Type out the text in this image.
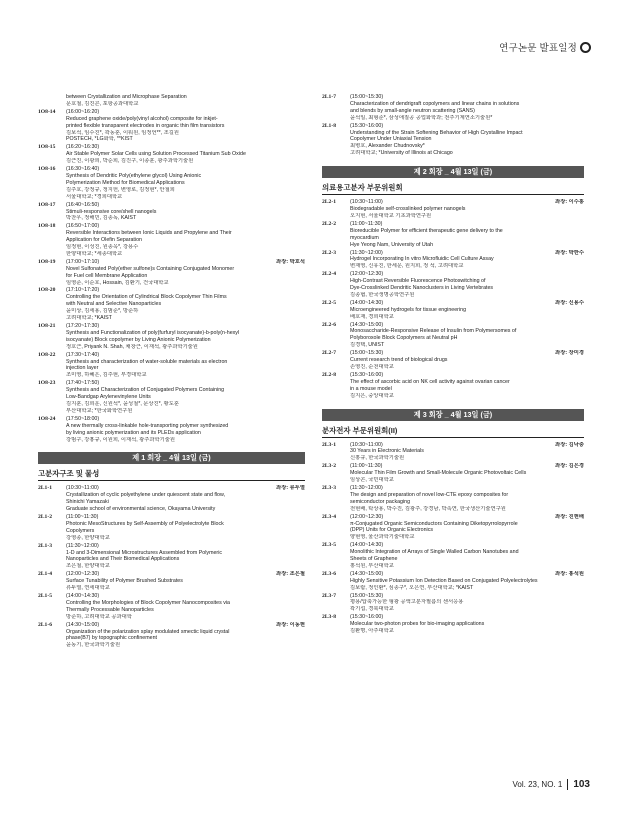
연구논문 발표일정
between Crystallization and Microphase Separation
문호철, 김진곤, 포항공과대학교
1O8-14	(16:00~16:20)
Reduced graphene oxide/poly(vinyl alcohol) composite for inkjet-
printed flexible transparent electrodes in organic thin film transistors
김보석, 임수진*, 곽동훈, 이워원, 임정언**, 조길원
POSTECH, *LG화학, **KIST
1O8-15	(16:20~16:30)
Air Stable Polymer Solar Cells using Solution Processed Titanium Sub Oxide
김근진, 이광희, 박순희, 김진구, 이종훈, 광주과학기술원
1O8-16	(16:30~16:40)
Synthesis of Dendritic Poly(ethylene glycol) Using Anionic
Polymerization Method for Biomedical Applications
김주호, 강정규, 정지헌, 변영로, 김정현*, 안철희
서울대학교; *경희대학교
1O8-17	(16:40~16:50)
Stimuli-responsive core/shell nanogels
박찬우, 정해민, 김종독, KAIST
1O8-18	(16:50~17:00)
Reversible Interactions between Ionic Liquids and Propylene and Their
Application for Olefin Separation
임정현, 이성진, 원종옥*, 강용수
한양대학교; *세종대학교
1O8-19	(17:00~17:10)	좌장: 박호석
Novel Sulfonated Poly(ether sulfone)s Containing Conjugated Monomer
for Fuel cell Membrane Application
임영준, 이순호, Hossain, 김환기, 건국대학교
1O8-20	(17:10~17:20)
Controlling the Orientation of Cylindrical Block Copolymer Thin Films
with Neutral and Selective Nanoparticles
윤미상, 김세용, 김범준*, 방준하
고려대학교; *KAIST
1O8-21	(17:20~17:30)
Synthesis and Functionalization of poly(furfuryl isocyanate)-b-poly(n-hexyl
isocyanate) Block copolymer by Living Anionic Polymerization
정호근, Priyank N. Shah, 채창근, 이재석, 광주과학기술원
1O8-22	(17:30~17:40)
Synthesis and characterization of water-soluble materials as electron
injection layer
조미영, 하혜은, 김주현, 부경대학교
1O8-23	(17:40~17:50)
Synthesis and Characterization of Conjugated Polymers Containing
Low-Bandgap Arylenevinylene Units
김지훈, 김희운, 신원석*, 윤성철*, 문상진*, 황도훈
부산대학교; *한국화학연구원
1O8-24	(17:50~18:00)
A new thermally cross-linkable hole-transporting polymer synthesized
by living anionic polymerization and its PLEDs application
강범구, 강홍규, 이원희, 이재석, 광주과학기술원
제 1 회장 _ 4월 13일 (금)
고분자구조 및 물성
2L1-1	(10:30~11:00)	좌장: 류두열
Crystallization of cyclic polyethylene under quiescent state and flow,
Shinichi Yamazaki
Graduate school of environmental science, Okayama University
2L1-2	(11:00~11:30)
Photonic MesoStructures by Self-Assembly of Polyelectrolyte Block
Copolymers
강영종, 한양대학교
2L1-3	(11:30~12:00)
1-D and 3-Dimensional Microstructures Assembled from Polymeric
Nanoparticles and Their Biomedical Applications
조은철, 한양대학교
2L1-4	(12:00~12:30)	좌장: 조은철
Surface Tunability of Polymer Brushed Substrates
류두열, 연세대학교
2L1-5	(14:00~14:30)
Controlling the Morphologies of Block Copolymer Nanocomposites via
Thermally Processable Nanoparticles
방준하, 고려대학교 공과대학
2L1-6	(14:30~15:00)	좌장: 이동현
Organization of the polarization splay modulated smectic liquid crystal
phase(B7) by topographic confinement
윤동기, 한국과학기술원
2L1-7	(15:00~15:30)
Characterization of dendrigraft copolymers and linear chains in solutions
and blends by small-angle neutron scattering (SANS)
윤석일, 최형준*, 삼성애질공 공업화학과; 전주기계연소기술원*
2L1-8	(15:30~16:00)
Understanding of the Strain Softening Behavior of High Crystalline Impact
Copolymer Under Uniaxial Tension
최병호, Alexander Chudnovsky*
고려대학교; *University of Illinois at Chicago
제 2 회장 _ 4월 13일 (금)
의료용고분자 부문위원회
2L2-1	(10:30~11:00)	좌장: 이수홍
Biodegradable self-crosslinked polymer nanogels
오지현, 서울대학교 기초과학연구원
2L2-2	(11:00~11:30)
Bioreducible Polymer for efficient therapeutic gene delivery to the
myocardium
Hye Yeong Nam, University of Utah
2L2-3	(11:30~12:00)	좌장: 박한수
Hydrogel Incorporating In vitro Microfluidic Cell Culture Assay
변재영, 신유진, 한세운, 원지희, 정 석, 고려대학교
2L2-4	(12:00~12:30)
High-Contrast Reversible Fluorescence Photoswitching of
Dye-Crosslinked Dendritic Nanoclusters in Living Vertebrates
김종협, 한국생명공학연구원
2L2-5	(14:00~14:30)	좌장: 신용수
Microengineered hydrogels for tissue engineering
배호재, 경희대학교
2L2-6	(14:30~15:00)
Monosaccharide-Responsive Release of Insulin from Polymersomes of
Polyboroxole Block Copolymers at Neutral pH
김경택, UNIST
2L2-7	(15:00~15:30)	좌장: 장미경
Current research trend of biological drugs
손영진, 순천대학교
2L2-8	(15:30~16:00)
The effect of ascorbic acid on NK cell activity against ovarian cancer
in a mouse model
김지은, 중앙대학교
제 3 회장 _ 4월 13일 (금)
분자전자 부문위원회(II)
2L3-1	(10:30~11:00)	좌장: 김낙중
30 Years in Electronic Materials
신홍규, 한국과학기술원
2L3-2	(11:00~11:30)	좌장: 김은경
Molecular Thin Film Growth and Small-Molecule Organic Photovoltaic Cells
임상곤, 국민대학교
2L3-3	(11:30~12:00)
The design and preparation of novel low-CTE epoxy composites for
semiconductor packaging
전현배, 탁상용, 박수진, 김광주, 강경남, 박속연, 한국생산기술연구원
2L3-4	(12:00~12:30)	좌장: 진현배
π-Conjugated Organic Semiconductors Containing Diketopyrrolopyrrole
(DPP) Units for Organic Electronics
양현영, 울산과학기술대학교
2L3-5	(14:00~14:30)
Monolithic Integration of Arrays of Single Walled Carbon Nanotubes and
Sheets of Graphene
홍석원, 부산대학교
2L3-6	(14:30~15:00)	좌장: 홍석원
Highly Sensitive Potassium Ion Detection Based on Conjugated Polyelectrolytes
김보람, 정인환*, 심종구*, 오은연, 부산대학교; *KAIST
2L3-7	(15:00~15:30)
평용/압축가능한 형광 공액고분자필름의 센서응용
곽기섭, 경북대학교
2L3-8	(15:30~16:00)
Molecular two-photon probes for bio-imaging applications
김환명, 아주대학교
Vol. 23, NO. 1	103
